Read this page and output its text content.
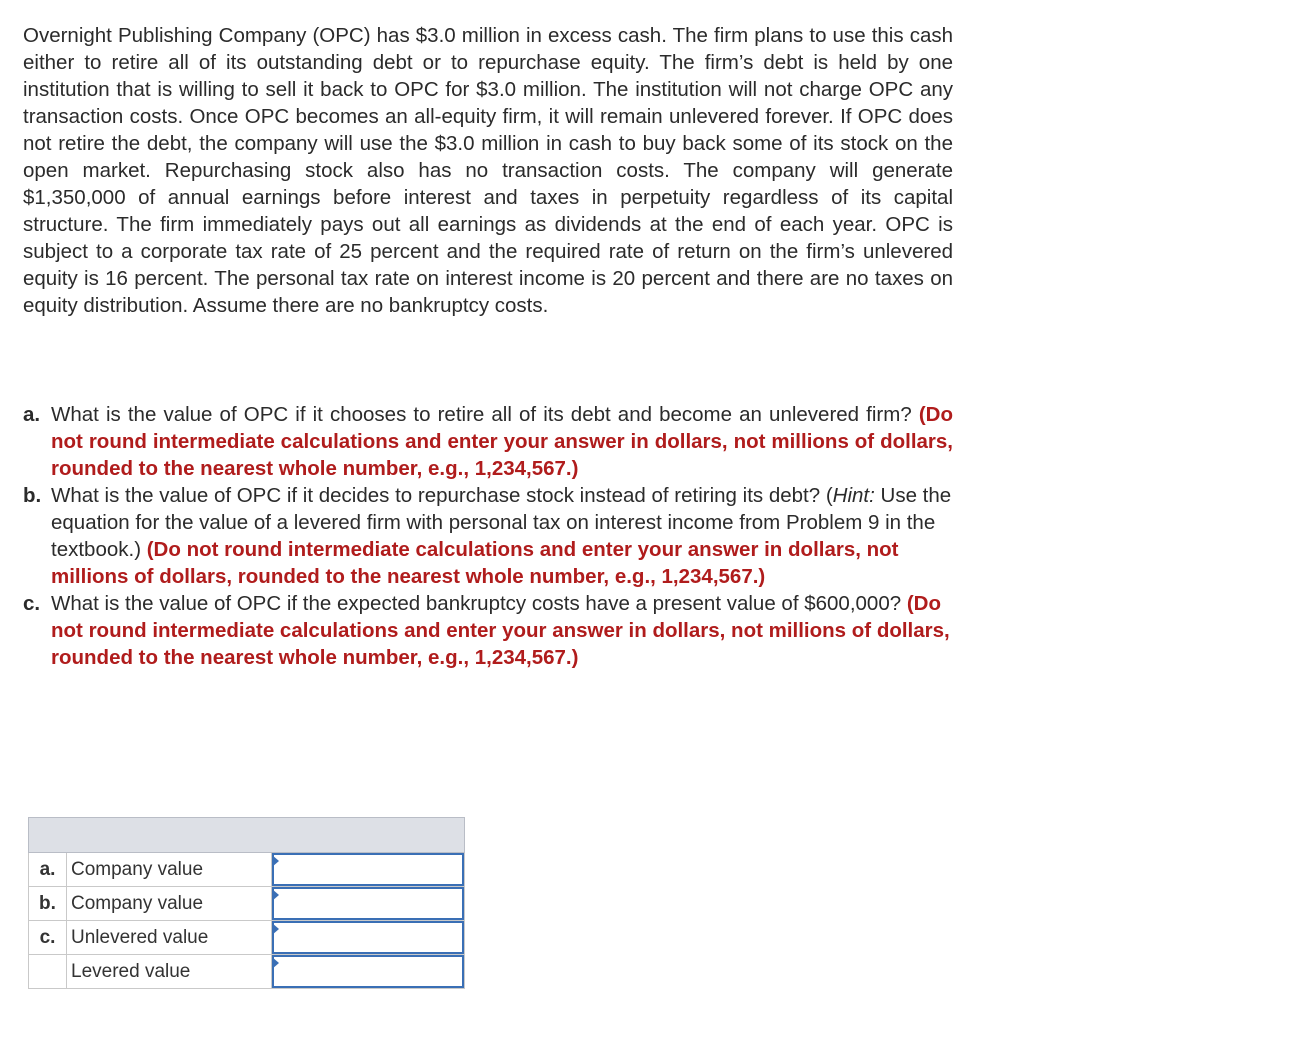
Overnight Publishing Company (OPC) has $3.0 million in excess cash. The firm plans to use this cash either to retire all of its outstanding debt or to repurchase equity. The firm’s debt is held by one institution that is willing to sell it back to OPC for $3.0 million. The institution will not charge OPC any transaction costs. Once OPC becomes an all-equity firm, it will remain unlevered forever. If OPC does not retire the debt, the company will use the $3.0 million in cash to buy back some of its stock on the open market. Repurchasing stock also has no transaction costs. The company will generate $1,350,000 of annual earnings before interest and taxes in perpetuity regardless of its capital structure. The firm immediately pays out all earnings as dividends at the end of each year. OPC is subject to a corporate tax rate of 25 percent and the required rate of return on the firm’s unlevered equity is 16 percent. The personal tax rate on interest income is 20 percent and there are no taxes on equity distribution. Assume there are no bankruptcy costs.

a. What is the value of OPC if it chooses to retire all of its debt and become an unlevered firm? (Do not round intermediate calculations and enter your answer in dollars, not millions of dollars, rounded to the nearest whole number, e.g., 1,234,567.)
b. What is the value of OPC if it decides to repurchase stock instead of retiring its debt? (Hint: Use the equation for the value of a levered firm with personal tax on interest income from Problem 9 in the textbook.) (Do not round intermediate calculations and enter your answer in dollars, not millions of dollars, rounded to the nearest whole number, e.g., 1,234,567.)
c. What is the value of OPC if the expected bankruptcy costs have a present value of $600,000? (Do not round intermediate calculations and enter your answer in dollars, not millions of dollars, rounded to the nearest whole number, e.g., 1,234,567.)

a.	Company value	

b.	Company value	

c.	Unlevered value	

	Levered value	
